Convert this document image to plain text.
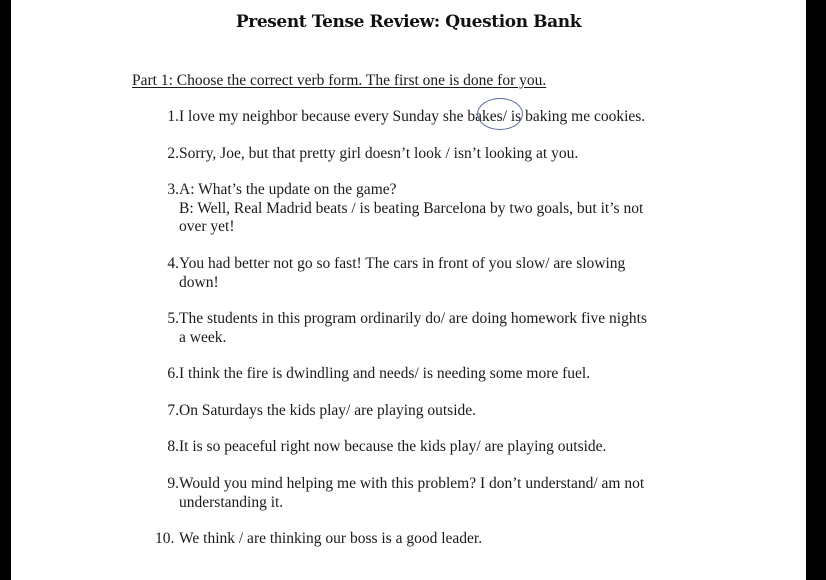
Present Tense Review: Question Bank
Part 1: Choose the correct verb form. The first one is done for you.
1. I love my neighbor because every Sunday she bakes/ is baking me cookies.
2. Sorry, Joe, but that pretty girl doesn’t look / isn’t looking at you.
3. A: What’s the update on the game?
B: Well, Real Madrid beats / is beating Barcelona by two goals, but it’s not
over yet!
4. You had better not go so fast! The cars in front of you slow/ are slowing
down!
5. The students in this program ordinarily do/ are doing homework five nights
a week.
6. I think the fire is dwindling and needs/ is needing some more fuel.
7. On Saturdays the kids play/ are playing outside.
8. It is so peaceful right now because the kids play/ are playing outside.
9. Would you mind helping me with this problem? I don’t understand/ am not
understanding it.
10. We think / are thinking our boss is a good leader.
